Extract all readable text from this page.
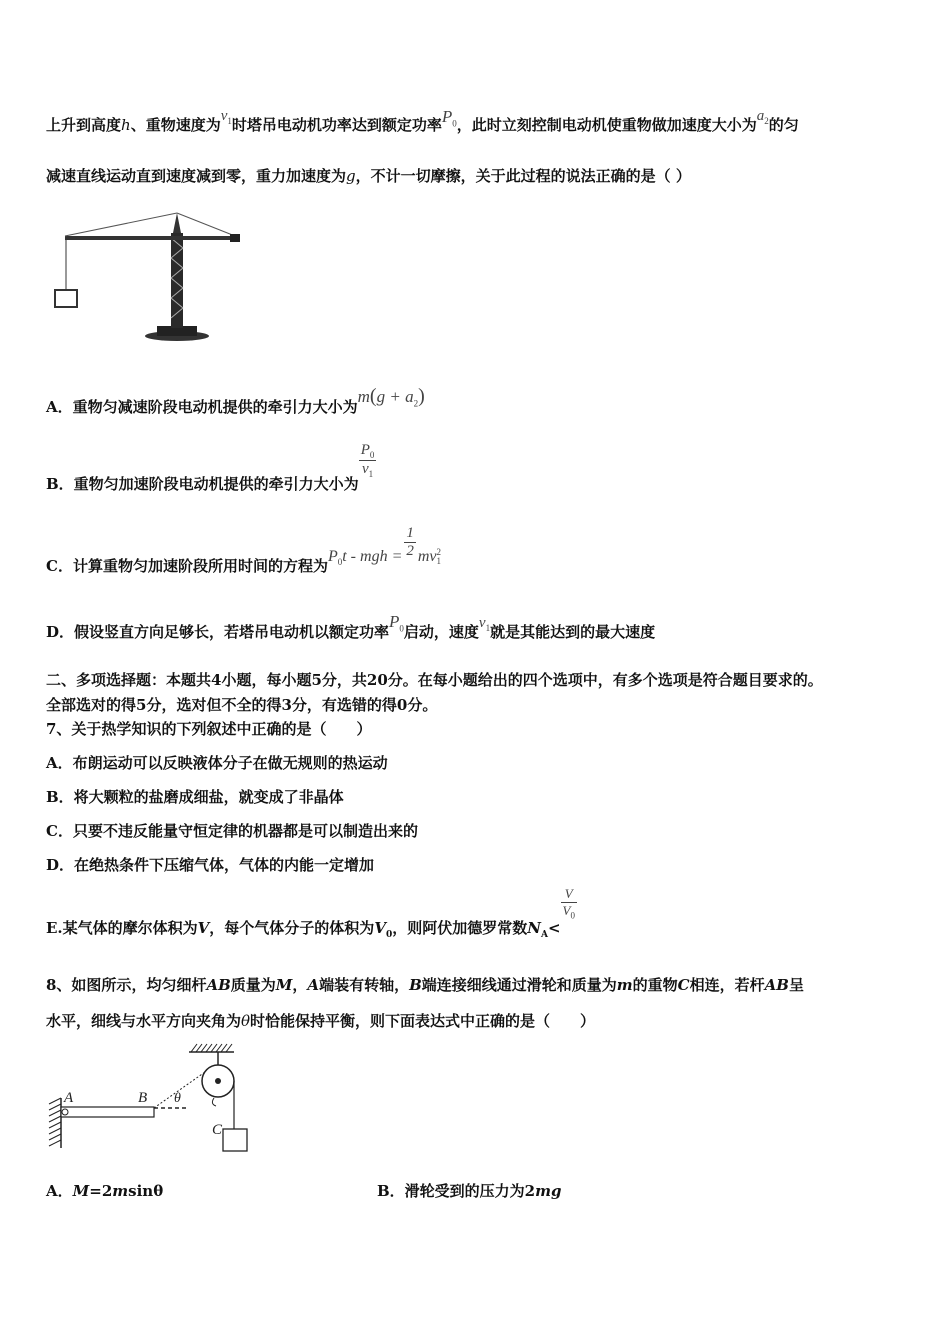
上升到高度h、重物速度为$v_1$时塔吊电动机功率达到额定功率$P_0$，此时立刻控制电动机使重物做加速度大小为$a_2$的匀
减速直线运动直到速度减到零，重力加速度为g，不计一切摩擦，关于此过程的说法正确的是（ ）
A．重物匀减速阶段电动机提供的牵引力大小为$m(g + a_2)$
B．重物匀加速阶段电动机提供的牵引力大小为
$\frac{P_0}{v_1}$
C．计算重物匀加速阶段所用时间的方程为$P_0t$ - mgh = $\frac{1}{2}$ mv 2
1
D．假设竖直方向足够长，若塔吊电动机以额定功率$P_0$启动，速度$v_1$就是其能达到的最大速度
二、多项选择题：本题共4小题，每小题5分，共20分。在每小题给出的四个选项中，有多个选项是符合题目要求的。
全部选对的得5分，选对但不全的得3分，有选错的得0分。
7、关于热学知识的下列叙述中正确的是（　　）
A．布朗运动可以反映液体分子在做无规则的热运动
B．将大颗粒的盐磨成细盐，就变成了非晶体
C．只要不违反能量守恒定律的机器都是可以制造出来的
D．在绝热条件下压缩气体，气体的内能一定增加
E.某气体的摩尔体积为V，每个气体分子的体积为$V_0$，则阿伏加德罗常数$N_A<$
$\frac{V}{V_0}$
8、如图所示，均匀细杆AB质量为M，A端装有转轴，B端连接细线通过滑轮和质量为m的重物C相连，若杆AB呈
水平，细线与水平方向夹角为θ时恰能保持平衡，则下面表达式中正确的是（　　）
A	B θ
C
A．M=2msinθ	B．滑轮受到的压力为2mg
